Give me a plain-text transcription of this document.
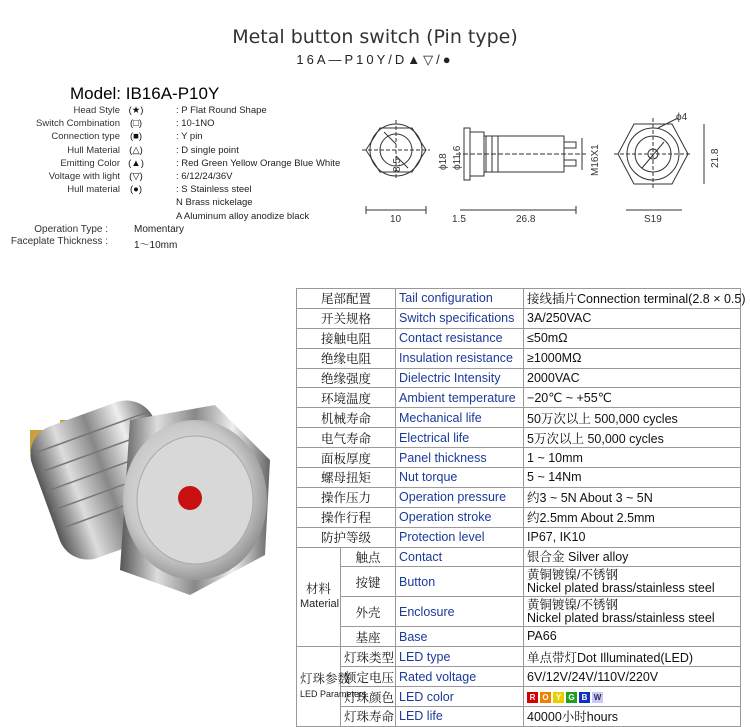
Metal button switch (Pin type)
16A—P10Y/D▲▽/●
Model: IB16A-P10Y
Head Style (★)	: P Flat Round Shape
Switch Combination	(□)	: 10-1NO
Connection type	(■)	: Y pin
Hull Material (△)	: D single point
Emitting Color (▲)	: Red Green Yellow Orange Blue White
Voltage with light (▽)	: 6/12/24/36V
Hull material	(●)	: S Stainless steel
N Brass nickelage
A Aluminum alloy anodize black
Operation Type :	Momentary
Faceplate Thickness :	1～10mm
10	1.5	26.8
ϕ18 ϕ11.6
8.5	M16X1
ϕ4
S19
21.8
尾部配置		Tail configuration	接线插片Connection terminal(2.8 × 0.5)
开关规格		Switch specifications	3A/250VAC
接触电阻		Contact resistance	≤50mΩ
绝缘电阻		Insulation resistance	≥1000MΩ
绝缘强度		Dielectric Intensity	2000VAC
环境温度		Ambient temperature	−20℃ ~ +55℃
机械寿命		Mechanical life	50万次以上 500,000 cycles
电气寿命		Electrical life	5万次以上 50,000 cycles
面板厚度		Panel thickness	1 ~ 10mm
螺母扭矩		Nut torque	5 ~ 14Nm
操作压力		Operation pressure	约3 ~ 5N About 3 ~ 5N
操作行程		Operation stroke	约2.5mm About 2.5mm
防护等级		Protection level	IP67, IK10
材料
Material	触点	Contact	银合金 Silver alloy
	按键	Button	黄铜镀镍/不锈钢
Nickel plated brass/stainless steel
	外壳	Enclosure	黄铜镀镍/不锈钢
Nickel plated brass/stainless steel
	基座	Base	PA66
灯珠参数
LED Parameters	灯珠类型	LED type	单点带灯Dot Illuminated(LED)
	额定电压	Rated voltage	6V/12V/24V/110V/220V
	灯珠颜色	LED color	R O Y G B W
	灯珠寿命	LED life	40000小时hours
